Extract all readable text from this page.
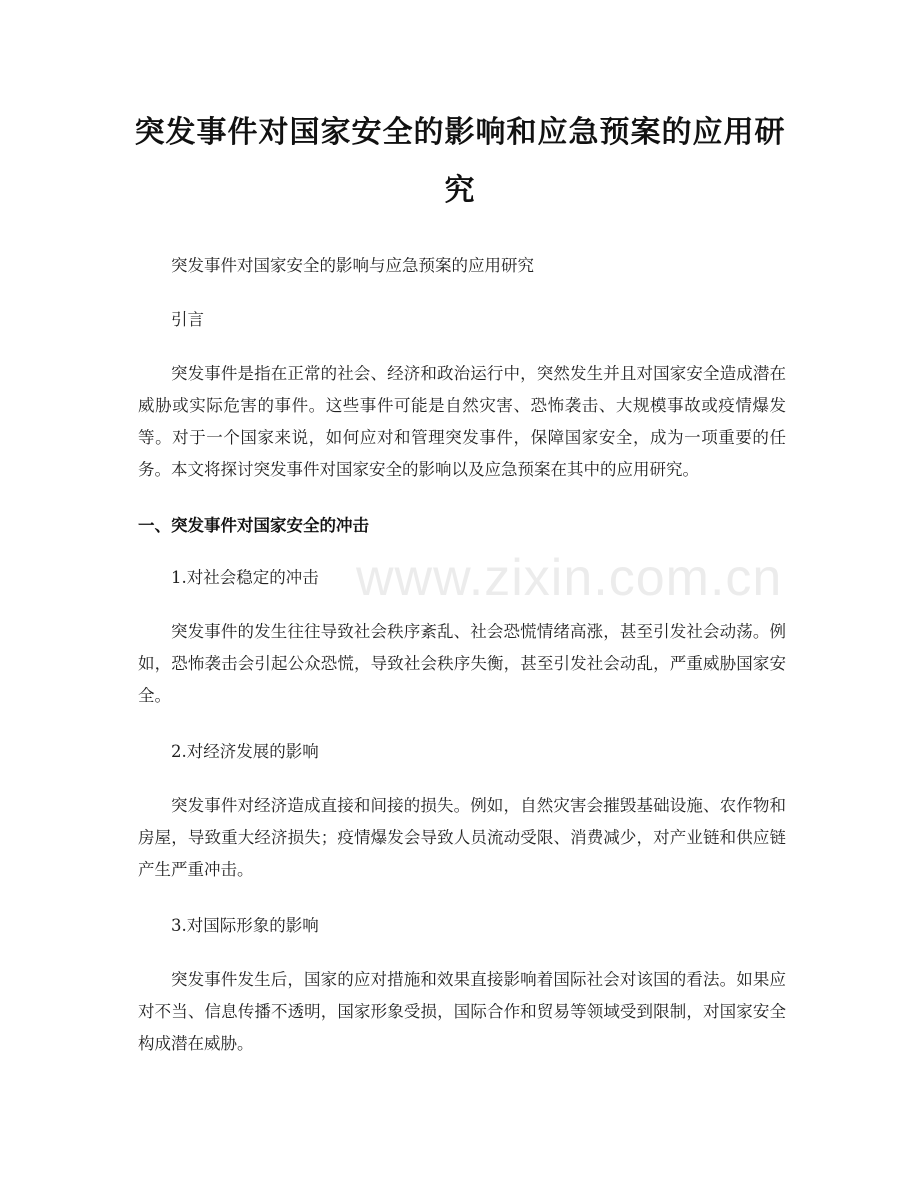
突发事件对国家安全的影响和应急预案的应用研究

突发事件对国家安全的影响与应急预案的应用研究

引言

突发事件是指在正常的社会、经济和政治运行中，突然发生并且对国家安全造成潜在威胁或实际危害的事件。这些事件可能是自然灾害、恐怖袭击、大规模事故或疫情爆发等。对于一个国家来说，如何应对和管理突发事件，保障国家安全，成为一项重要的任务。本文将探讨突发事件对国家安全的影响以及应急预案在其中的应用研究。

一、突发事件对国家安全的冲击

1.对社会稳定的冲击

突发事件的发生往往导致社会秩序紊乱、社会恐慌情绪高涨，甚至引发社会动荡。例如，恐怖袭击会引起公众恐慌，导致社会秩序失衡，甚至引发社会动乱，严重威胁国家安全。

2.对经济发展的影响

突发事件对经济造成直接和间接的损失。例如，自然灾害会摧毁基础设施、农作物和房屋，导致重大经济损失；疫情爆发会导致人员流动受限、消费减少，对产业链和供应链产生严重冲击。

3.对国际形象的影响

突发事件发生后，国家的应对措施和效果直接影响着国际社会对该国的看法。如果应对不当、信息传播不透明，国家形象受损，国际合作和贸易等领域受到限制，对国家安全构成潜在威胁。

www.zixin.com.cn
